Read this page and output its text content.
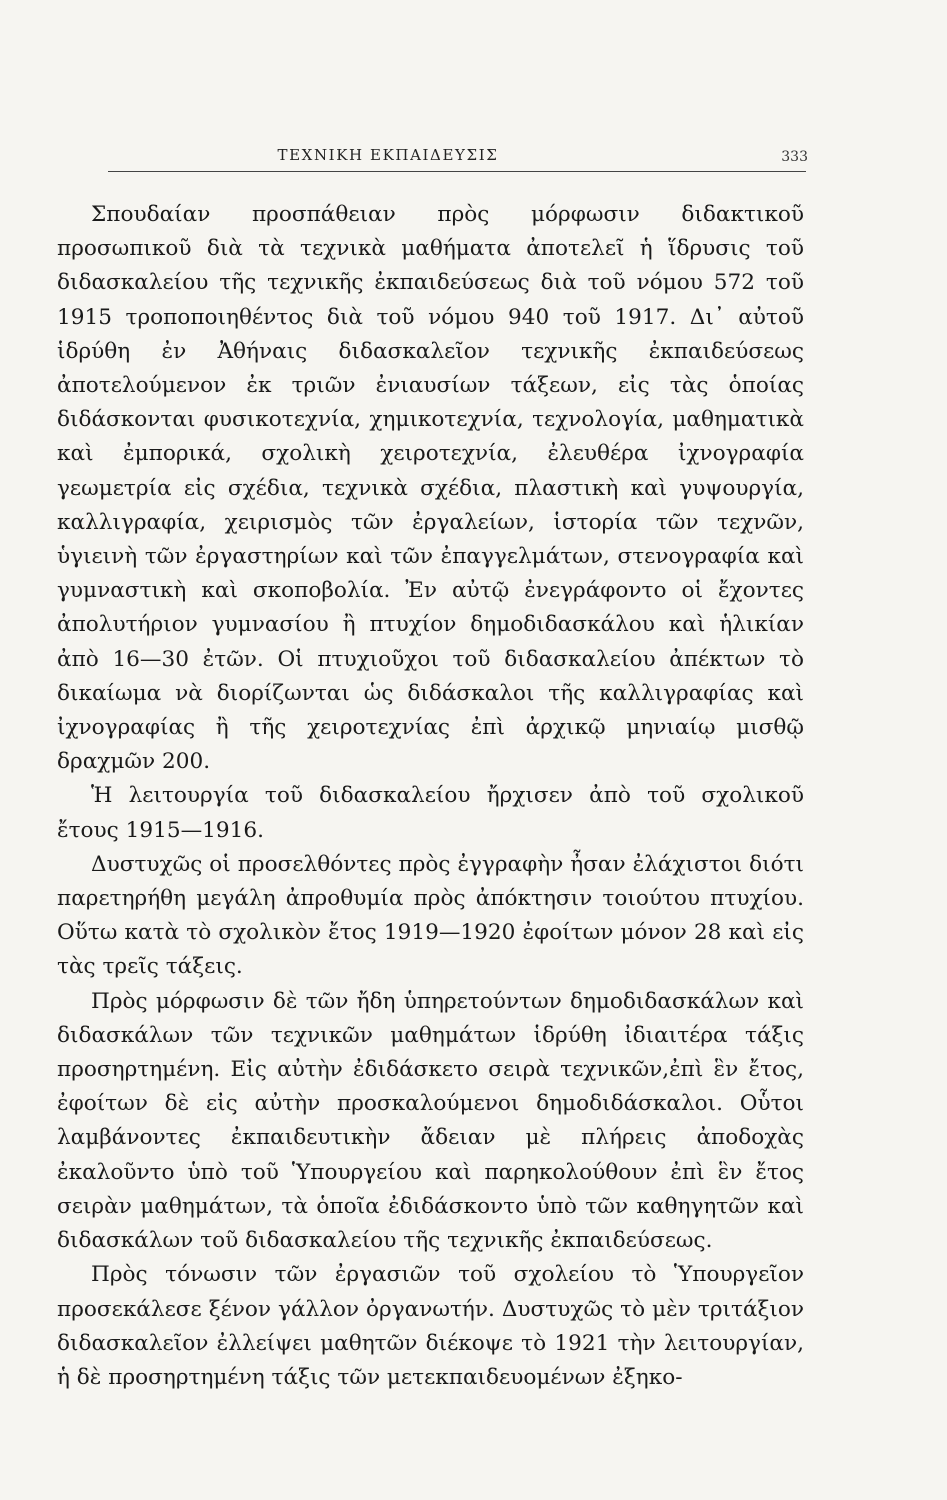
ΤΕΧΝΙΚΗ ΕΚΠΑΙΔΕΥΣΙΣ	333

Σπουδαίαν προσπάθειαν πρὸς μόρφωσιν διδακτικοῦ προσωπικοῦ διὰ τὰ τεχνικὰ μαθήματα ἀποτελεῖ ἡ ἵδρυσις τοῦ διδασκαλείου τῆς τεχνικῆς ἐκπαιδεύσεως διὰ τοῦ νόμου 572 τοῦ 1915 τροποποιηθέντος διὰ τοῦ νόμου 940 τοῦ 1917. Δι᾽ αὐτοῦ ἱδρύθη ἐν Ἀθήναις διδασκαλεῖον τεχνικῆς ἐκπαιδεύσεως ἀποτελούμενον ἐκ τριῶν ἐνιαυσίων τάξεων, εἰς τὰς ὁποίας διδάσκονται φυσικοτεχνία, χημικοτεχνία, τεχνολογία, μαθηματικὰ καὶ ἐμπορικά, σχολικὴ χειροτεχνία, ἐλευθέρα ἰχνογραφία γεωμετρία εἰς σχέδια, τεχνικὰ σχέδια, πλαστικὴ καὶ γυψουργία, καλλιγραφία, χειρισμὸς τῶν ἐργαλείων, ἱστορία τῶν τεχνῶν, ὑγιεινὴ τῶν ἐργαστηρίων καὶ τῶν ἐπαγγελμάτων, στενογραφία καὶ γυμναστικὴ καὶ σκοποβολία. Ἐν αὐτῷ ἐνεγράφοντο οἱ ἔχοντες ἀπολυτήριον γυμνασίου ἢ πτυχίον δημοδιδασκάλου καὶ ἡλικίαν ἀπὸ 16—30 ἐτῶν. Οἱ πτυχιοῦχοι τοῦ διδασκαλείου ἀπέκτων τὸ δικαίωμα νὰ διορίζωνται ὡς διδάσκαλοι τῆς καλλιγραφίας καὶ ἰχνογραφίας ἢ τῆς χειροτεχνίας ἐπὶ ἀρχικῷ μηνιαίῳ μισθῷ δραχμῶν 200.

Ἡ λειτουργία τοῦ διδασκαλείου ἤρχισεν ἀπὸ τοῦ σχολικοῦ ἔτους 1915—1916.

Δυστυχῶς οἱ προσελθόντες πρὸς ἐγγραφὴν ἦσαν ἐλάχιστοι διότι παρετηρήθη μεγάλη ἀπροθυμία πρὸς ἀπόκτησιν τοιούτου πτυχίου. Οὕτω κατὰ τὸ σχολικὸν ἔτος 1919—1920 ἐφοίτων μόνον 28 καὶ εἰς τὰς τρεῖς τάξεις.

Πρὸς μόρφωσιν δὲ τῶν ἤδη ὑπηρετούντων δημοδιδασκάλων καὶ διδασκάλων τῶν τεχνικῶν μαθημάτων ἱδρύθη ἰδιαιτέρα τάξις προσηρτημένη. Εἰς αὐτὴν ἐδιδάσκετο σειρὰ τεχνικῶν,ἐπὶ ἓν ἔτος, ἐφοίτων δὲ εἰς αὐτὴν προσκαλούμενοι δημοδιδάσκαλοι. Οὗτοι λαμβάνοντες ἐκπαιδευτικὴν ἄδειαν μὲ πλήρεις ἀποδοχὰς ἐκαλοῦντο ὑπὸ τοῦ Ὑπουργείου καὶ παρηκολούθουν ἐπὶ ἓν ἔτος σειρὰν μαθημάτων, τὰ ὁποῖα ἐδιδάσκοντο ὑπὸ τῶν καθηγητῶν καὶ διδασκάλων τοῦ διδασκαλείου τῆς τεχνικῆς ἐκπαιδεύσεως.

Πρὸς τόνωσιν τῶν ἐργασιῶν τοῦ σχολείου τὸ Ὑπουργεῖον προσεκάλεσε ξένον γάλλον ὀργανωτήν. Δυστυχῶς τὸ μὲν τριτάξιον διδασκαλεῖον ἐλλείψει μαθητῶν διέκοψε τὸ 1921 τὴν λειτουργίαν, ἡ δὲ προσηρτημένη τάξις τῶν μετεκπαιδευομένων ἐξηκο-
